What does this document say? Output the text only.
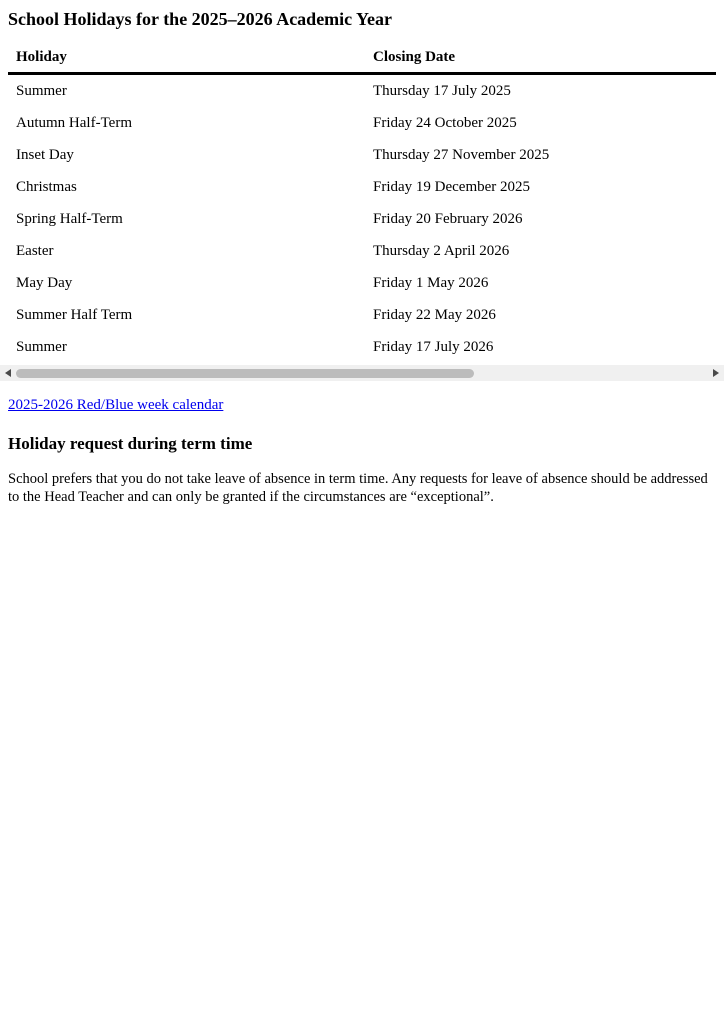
School Holidays for the 2025–2026 Academic Year
Holiday	Closing Date
Summer	Thursday 17 July 2025
Autumn Half-Term	Friday 24 October 2025
Inset Day	Thursday 27 November 2025
Christmas	Friday 19 December 2025
Spring Half-Term	Friday 20 February 2026
Easter	Thursday 2 April 2026
May Day	Friday 1 May 2026
Summer Half Term	Friday 22 May 2026
Summer	Friday 17 July 2026
2025-2026 Red/Blue week calendar
Holiday request during term time

School prefers that you do not take leave of absence in term time. Any requests for leave of absence should be addressed to the Head Teacher and can only be granted if the circumstances are “exceptional”.
